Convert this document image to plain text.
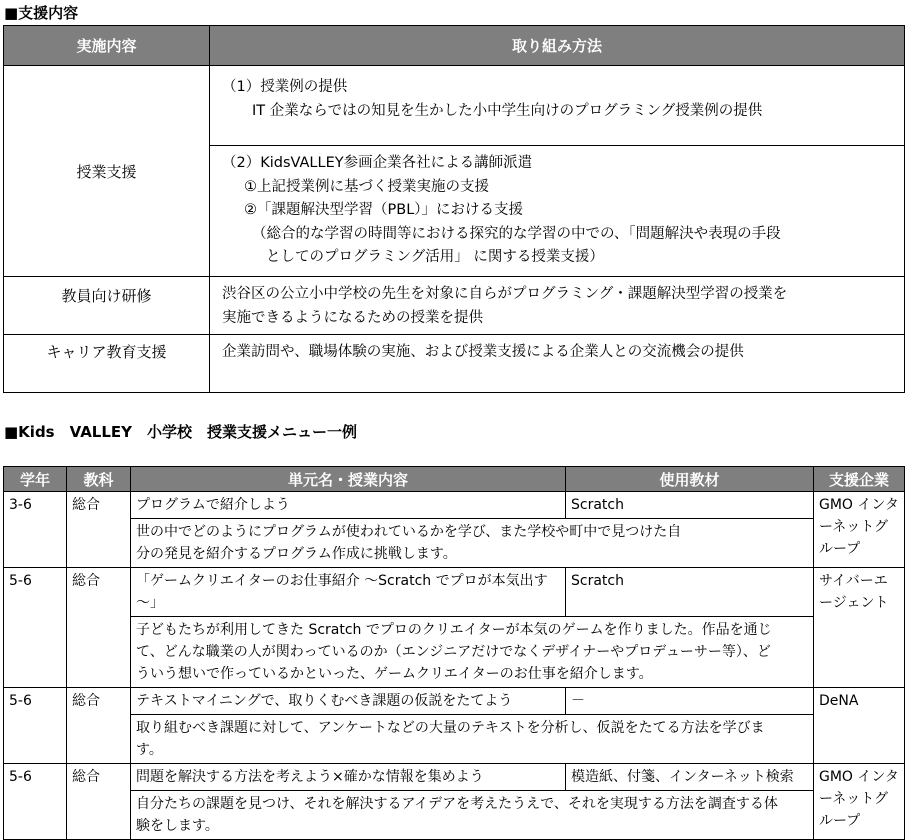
■支援内容
実施内容	取り組み方法
授業支援	（1）授業例の提供
IT 企業ならではの知見を生かした小中学生向けのプログラミング授業例の提供

	（2）KidsVALLEY参画企業各社による講師派遣
①上記授業例に基づく授業実施の支援
②「課題解決型学習（PBL）」における支援
（総合的な学習の時間等における探究的な学習の中での、「問題解決や表現の手段
としてのプログラミング活用」 に関する授業支援）

教員向け研修	渋谷区の公立小中学校の先生を対象に自らがプログラミング・課題解決型学習の授業を
実施できるようになるための授業を提供

キャリア教育支援	企業訪問や、職場体験の実施、および授業支援による企業人との交流機会の提供
■Kids　VALLEY　小学校　授業支援メニュー一例
学年	教科	単元名・授業内容	使用教材	支援企業
3-6	総合	プログラムで紹介しよう	Scratch	GMO インターネットグループ
		世の中でどのようにプログラムが使われているかを学び、また学校や町中で見つけた自分の発見を紹介するプログラム作成に挑戦します。		
5-6	総合	「ゲームクリエイターのお仕事紹介 ～Scratch でプロが本気出す～」	Scratch	サイバーエージェント
		子どもたちが利用してきた Scratch でプロのクリエイターが本気のゲームを作りました。作品を通じて、どんな職業の人が関わっているのか（エンジニアだけでなくデザイナーやプロデューサー等）、どういう想いで作っているかといった、ゲームクリエイターのお仕事を紹介します。		
5-6	総合	テキストマイニングで、取りくむべき課題の仮説をたてよう	－	DeNA
		取り組むべき課題に対して、アンケートなどの大量のテキストを分析し、仮説をたてる方法を学びます。		
5-6	総合	問題を解決する方法を考えよう×確かな情報を集めよう	模造紙、付箋、インターネット検索	GMO インターネットグループ
		自分たちの課題を見つけ、それを解決するアイデアを考えたうえで、それを実現する方法を調査する体験をします。		
